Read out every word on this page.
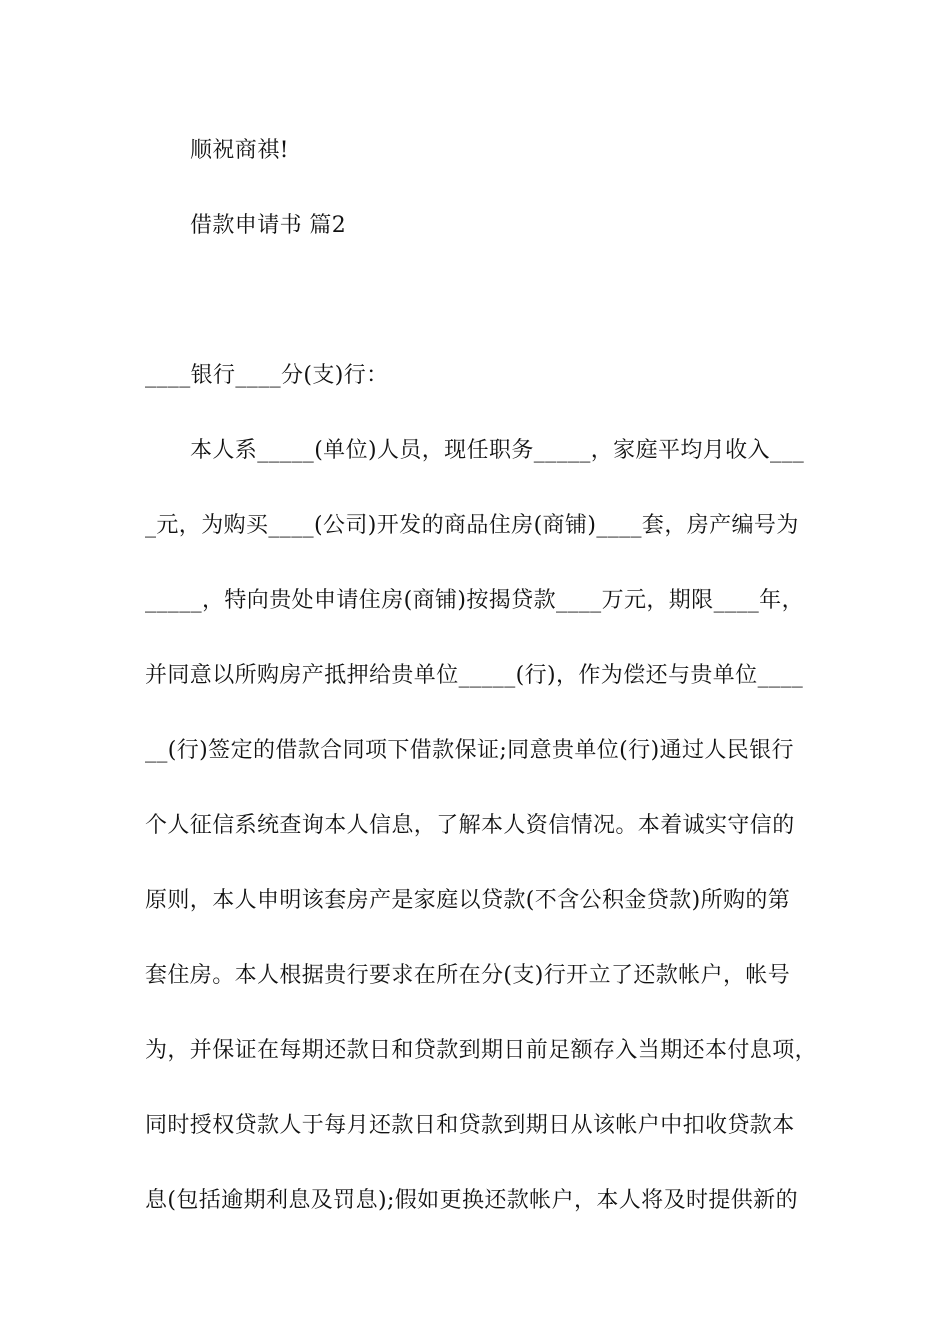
顺祝商祺!
借款申请书 篇2
____银行____分(支)行：
本人系_____(单位)人员，现任职务_____，家庭平均月收入___
_元，为购买____(公司)开发的商品住房(商铺)____套，房产编号为
_____，特向贵处申请住房(商铺)按揭贷款____万元，期限____年，
并同意以所购房产抵押给贵单位_____(行)，作为偿还与贵单位____
__(行)签定的借款合同项下借款保证;同意贵单位(行)通过人民银行
个人征信系统查询本人信息，了解本人资信情况。本着诚实守信的
原则，本人申明该套房产是家庭以贷款(不含公积金贷款)所购的第
套住房。本人根据贵行要求在所在分(支)行开立了还款帐户，帐号
为，并保证在每期还款日和贷款到期日前足额存入当期还本付息项，
同时授权贷款人于每月还款日和贷款到期日从该帐户中扣收贷款本
息(包括逾期利息及罚息);假如更换还款帐户，本人将及时提供新的
